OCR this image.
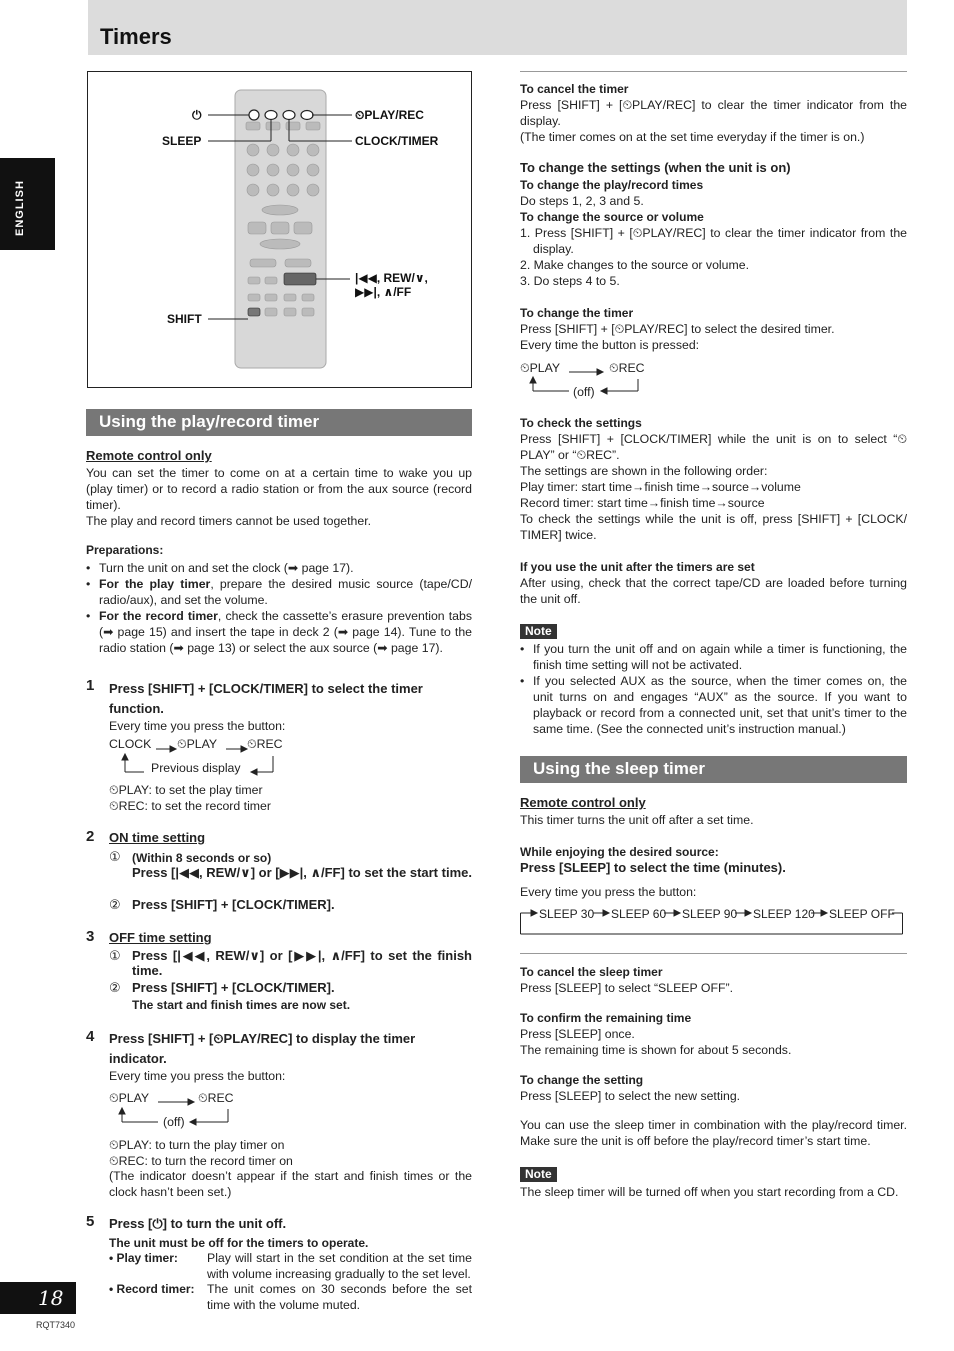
Timers
ENGLISH
⏻	⏲PLAY/REC
SLEEP	CLOCK/TIMER
|◀◀, REW/∨,
▶▶|, ∧/FF
SHIFT
Using the play/record timer
Remote control only
You can set the timer to come on at a certain time to wake you up (play timer) or to record a radio station or from the aux source (record timer).
The play and record timers cannot be used together.
Preparations:
• Turn the unit on and set the clock (➡ page 17).
• For the play timer, prepare the desired music source (tape/CD/ radio/aux), and set the volume.
• For the record timer, check the cassette’s erasure prevention tabs (➡ page 15) and insert the tape in deck 2 (➡ page 14). Tune to the radio station (➡ page 13) or select the aux source (➡ page 17).
1 Press [SHIFT] + [CLOCK/TIMER] to select the timer function.
Every time you press the button:
CLOCK ⏲PLAY ⏲REC
Previous display
⏲PLAY: to set the play timer
⏲REC: to set the record timer
2 ON time setting
① (Within 8 seconds or so)
Press [|◀◀, REW/∨] or [▶▶|, ∧/FF] to set the start time.
② Press [SHIFT] + [CLOCK/TIMER].
3 OFF time setting
① Press [|◀◀, REW/∨] or [▶▶|, ∧/FF] to set the finish time.
② Press [SHIFT] + [CLOCK/TIMER].
The start and finish times are now set.
4 Press [SHIFT] + [⏲PLAY/REC] to display the timer indicator.
Every time you press the button:
⏲PLAY	⏲REC
(off)
⏲PLAY: to turn the play timer on
⏲REC: to turn the record timer on
(The indicator doesn’t appear if the start and finish times or the clock hasn’t been set.)
5 Press [⏻] to turn the unit off.
The unit must be off for the timers to operate.
• Play timer: Play will start in the set condition at the set time with volume increasing gradually to the set level.
• Record timer: The unit comes on 30 seconds before the set time with the volume muted.
To cancel the timer
Press [SHIFT] + [⏲PLAY/REC] to clear the timer indicator from the display.
(The timer comes on at the set time everyday if the timer is on.)
To change the settings (when the unit is on)
To change the play/record times
Do steps 1, 2, 3 and 5.
To change the source or volume
1. Press [SHIFT] + [⏲PLAY/REC] to clear the timer indicator from the display.
2. Make changes to the source or volume.
3. Do steps 4 to 5.
To change the timer
Press [SHIFT] + [⏲PLAY/REC] to select the desired timer.
Every time the button is pressed:
⏲PLAY	⏲REC
(off)
To check the settings
Press [SHIFT] + [CLOCK/TIMER] while the unit is on to select “⏲PLAY” or “⏲REC”.
The settings are shown in the following order:
Play timer: start time→finish time→source→volume
Record timer: start time→finish time→source
To check the settings while the unit is off, press [SHIFT] + [CLOCK/ TIMER] twice.
If you use the unit after the timers are set
After using, check that the correct tape/CD are loaded before turning the unit off.
Note
• If you turn the unit off and on again while a timer is functioning, the finish time setting will not be activated.
• If you selected AUX as the source, when the timer comes on, the unit turns on and engages “AUX” as the source. If you want to playback or record from a connected unit, set that unit’s timer to the same time. (See the connected unit’s instruction manual.)
Using the sleep timer
Remote control only
This timer turns the unit off after a set time.
While enjoying the desired source:
Press [SLEEP] to select the time (minutes).
Every time you press the button:
SLEEP 30 SLEEP 60 SLEEP 90 SLEEP 120 SLEEP OFF
To cancel the sleep timer
Press [SLEEP] to select “SLEEP OFF”.
To confirm the remaining time
Press [SLEEP] once.
The remaining time is shown for about 5 seconds.
To change the setting
Press [SLEEP] to select the new setting.
You can use the sleep timer in combination with the play/record timer. Make sure the unit is off before the play/record timer’s start time.
Note
The sleep timer will be turned off when you start recording from a CD.
18
RQT7340
